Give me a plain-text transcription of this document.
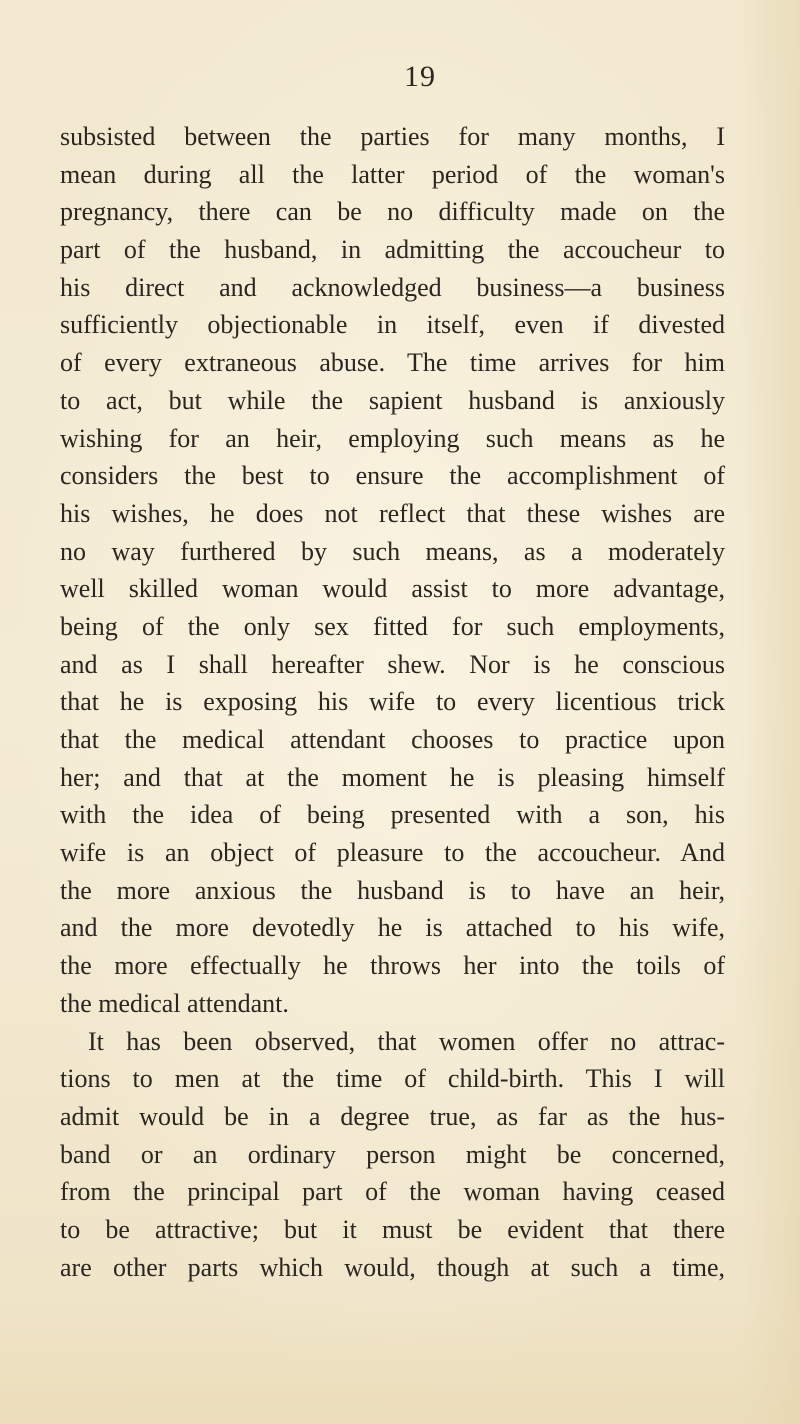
19
subsisted between the parties for many months, I
mean during all the latter period of the woman's
pregnancy, there can be no difficulty made on the
part of the husband, in admitting the accoucheur to
his direct and acknowledged business—a business
sufficiently objectionable in itself, even if divested
of every extraneous abuse. The time arrives for him
to act, but while the sapient husband is anxiously
wishing for an heir, employing such means as he
considers the best to ensure the accomplishment of
his wishes, he does not reflect that these wishes are
no way furthered by such means, as a moderately
well skilled woman would assist to more advantage,
being of the only sex fitted for such employments,
and as I shall hereafter shew. Nor is he conscious
that he is exposing his wife to every licentious trick
that the medical attendant chooses to practice upon
her; and that at the moment he is pleasing himself
with the idea of being presented with a son, his
wife is an object of pleasure to the accoucheur. And
the more anxious the husband is to have an heir,
and the more devotedly he is attached to his wife,
the more effectually he throws her into the toils of
the medical attendant.
It has been observed, that women offer no attrac-
tions to men at the time of child-birth. This I will
admit would be in a degree true, as far as the hus-
band or an ordinary person might be concerned,
from the principal part of the woman having ceased
to be attractive; but it must be evident that there
are other parts which would, though at such a time,
